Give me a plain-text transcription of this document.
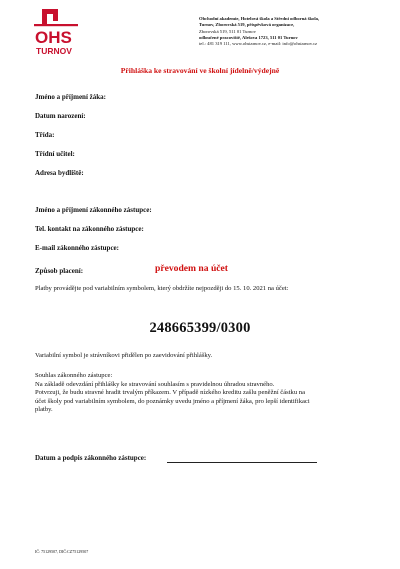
OHS
TURNOV
Obchodní akademie, Hotelová škola a Střední odborná škola,
Turnov, Zborovská 519, příspěvková organizace,
Zborovská 519, 511 01 Turnov
odloučené pracoviště, Alešova 1723, 511 01 Turnov
tel.: 481 319 111, www.ohstarnov.cz, e-mail: info@ohstarnov.cz
Přihláška ke stravování ve školní jídelně/výdejně
Jméno a příjmení žáka:
Datum narození:
Třída:
Třídní učitel:
Adresa bydliště:
Jméno a příjmení zákonného zástupce:
Tel. kontakt na zákonného zástupce:
E-mail zákonného zástupce:
Způsob placení:	převodem na účet
Platby provádějte pod variabilním symbolem, který obdržíte nejpozději do 15. 10. 2021 na účet:
248665399/0300
Variabilní symbol je strávníkovi přidělen po zaevidování přihlášky.
Souhlas zákonného zástupce:
Na základě odevzdání přihlášky ke stravování souhlasím s pravidelnou úhradou stravného.
Potvrzuji, že budu stravné hradit trvalým příkazem. V případě nízkého kreditu zašlu peněžní částku na
účet školy pod variabilním symbolem, do poznámky uvedu jméno a příjmení žáka, pro lepší identifikaci
platby.
Datum a podpis zákonného zástupce:
IČ: 75129507, DIČ:CZ75129507
